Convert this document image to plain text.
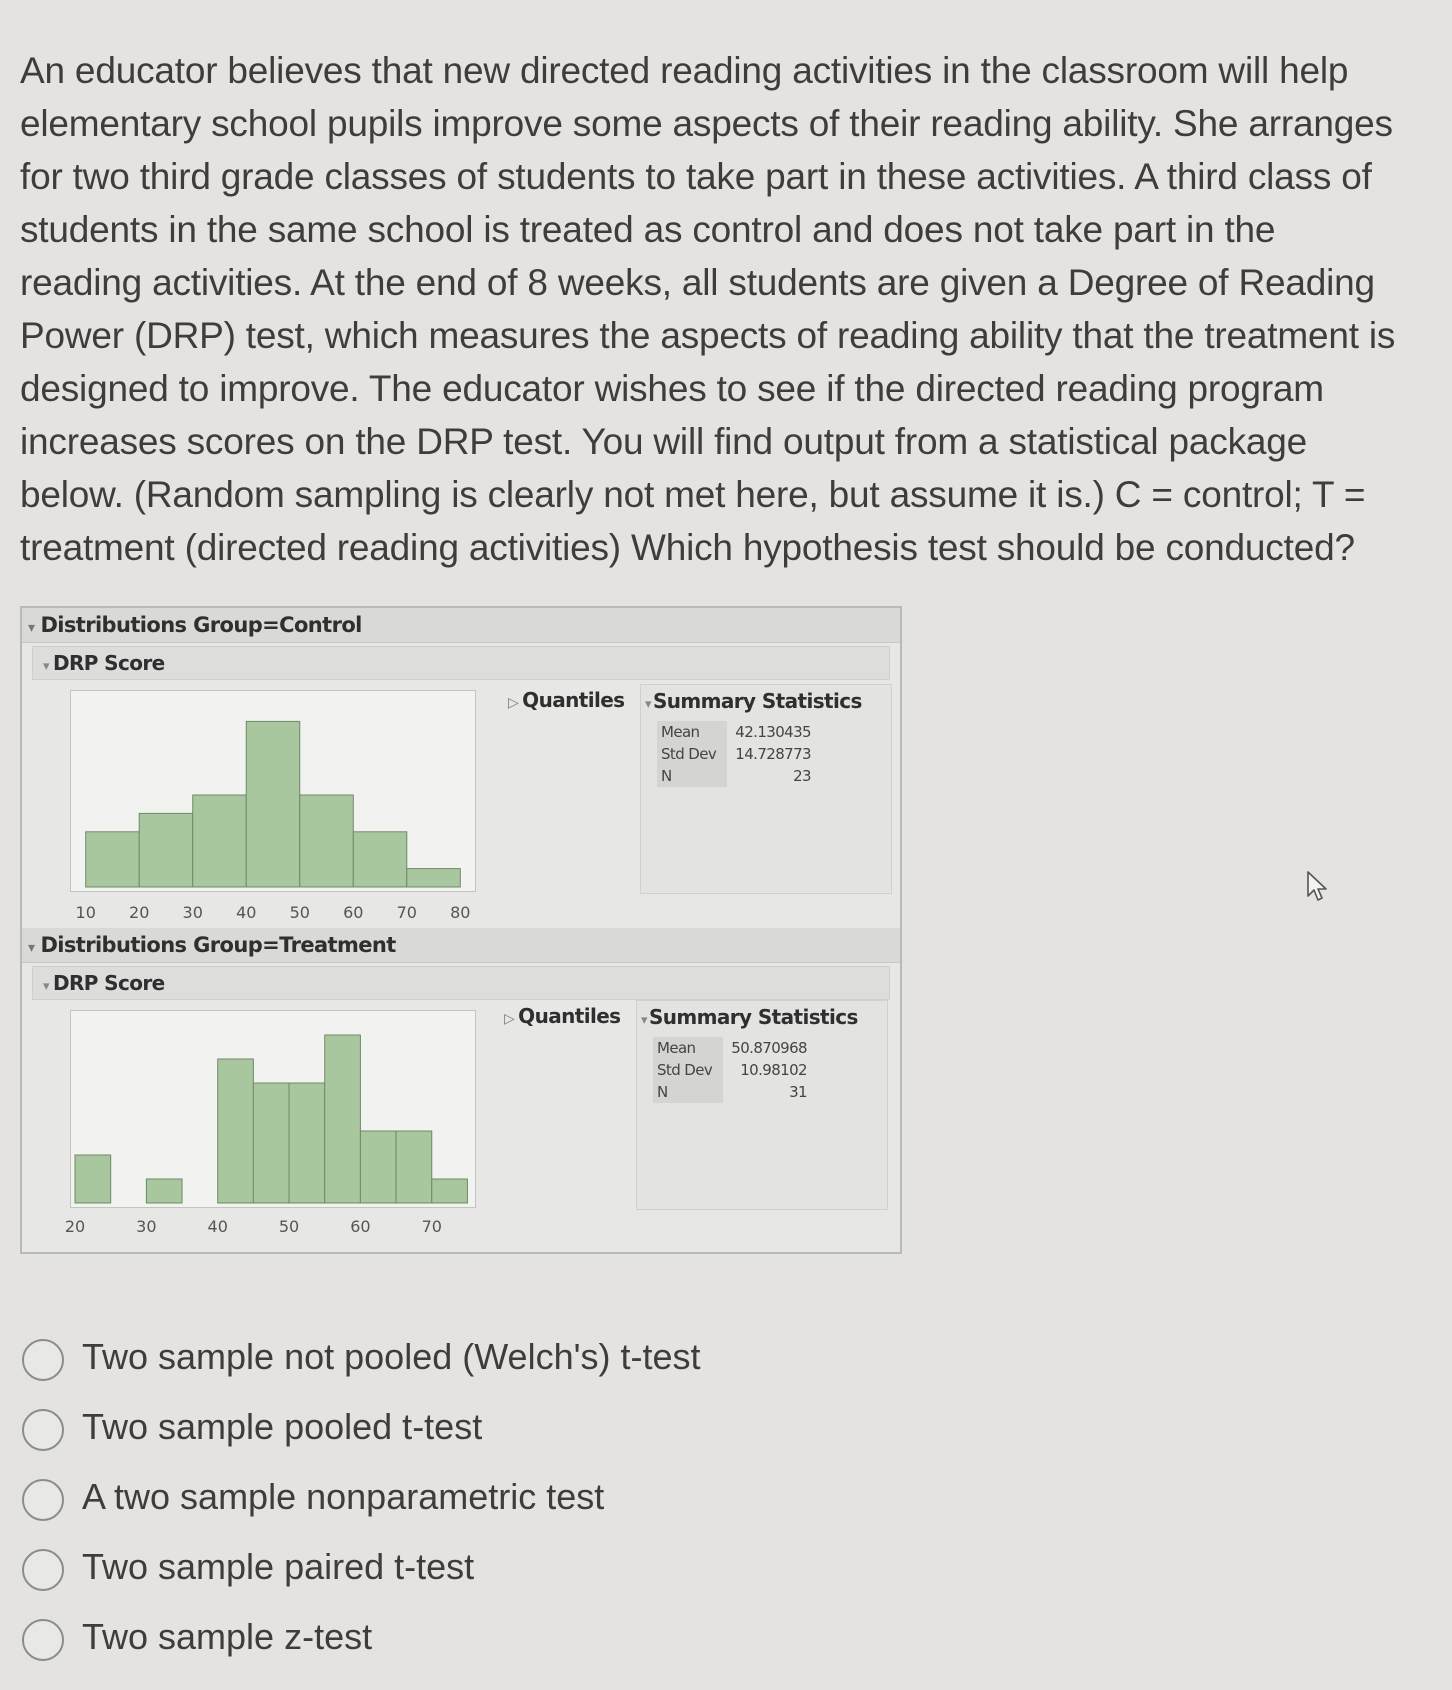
An educator believes that new directed reading activities in the classroom will help
elementary school pupils improve some aspects of their reading ability. She arranges
for two third grade classes of students to take part in these activities. A third class of
students in the same school is treated as control and does not take part in the
reading activities. At the end of 8 weeks, all students are given a Degree of Reading
Power (DRP) test, which measures the aspects of reading ability that the treatment is
designed to improve. The educator wishes to see if the directed reading program
increases scores on the DRP test. You will find output from a statistical package
below. (Random sampling is clearly not met here, but assume it is.) C = control; T =
treatment (directed reading activities) Which hypothesis test should be conducted?
▾ Distributions Group=Control
▾ DRP Score
10 20 30 40 50 60 70 80
▷ Quantiles	▾ Summary Statistics
Mean	42.130435
Std Dev	14.728773
N	23
▾ Distributions Group=Treatment
▾ DRP Score
20	30	40	50	60	70
▷ Quantiles	▾ Summary Statistics
Mean	50.870968
Std Dev	10.98102
N	31
Two sample not pooled (Welch's) t-test
Two sample pooled t-test
A two sample nonparametric test
Two sample paired t-test
Two sample z-test
